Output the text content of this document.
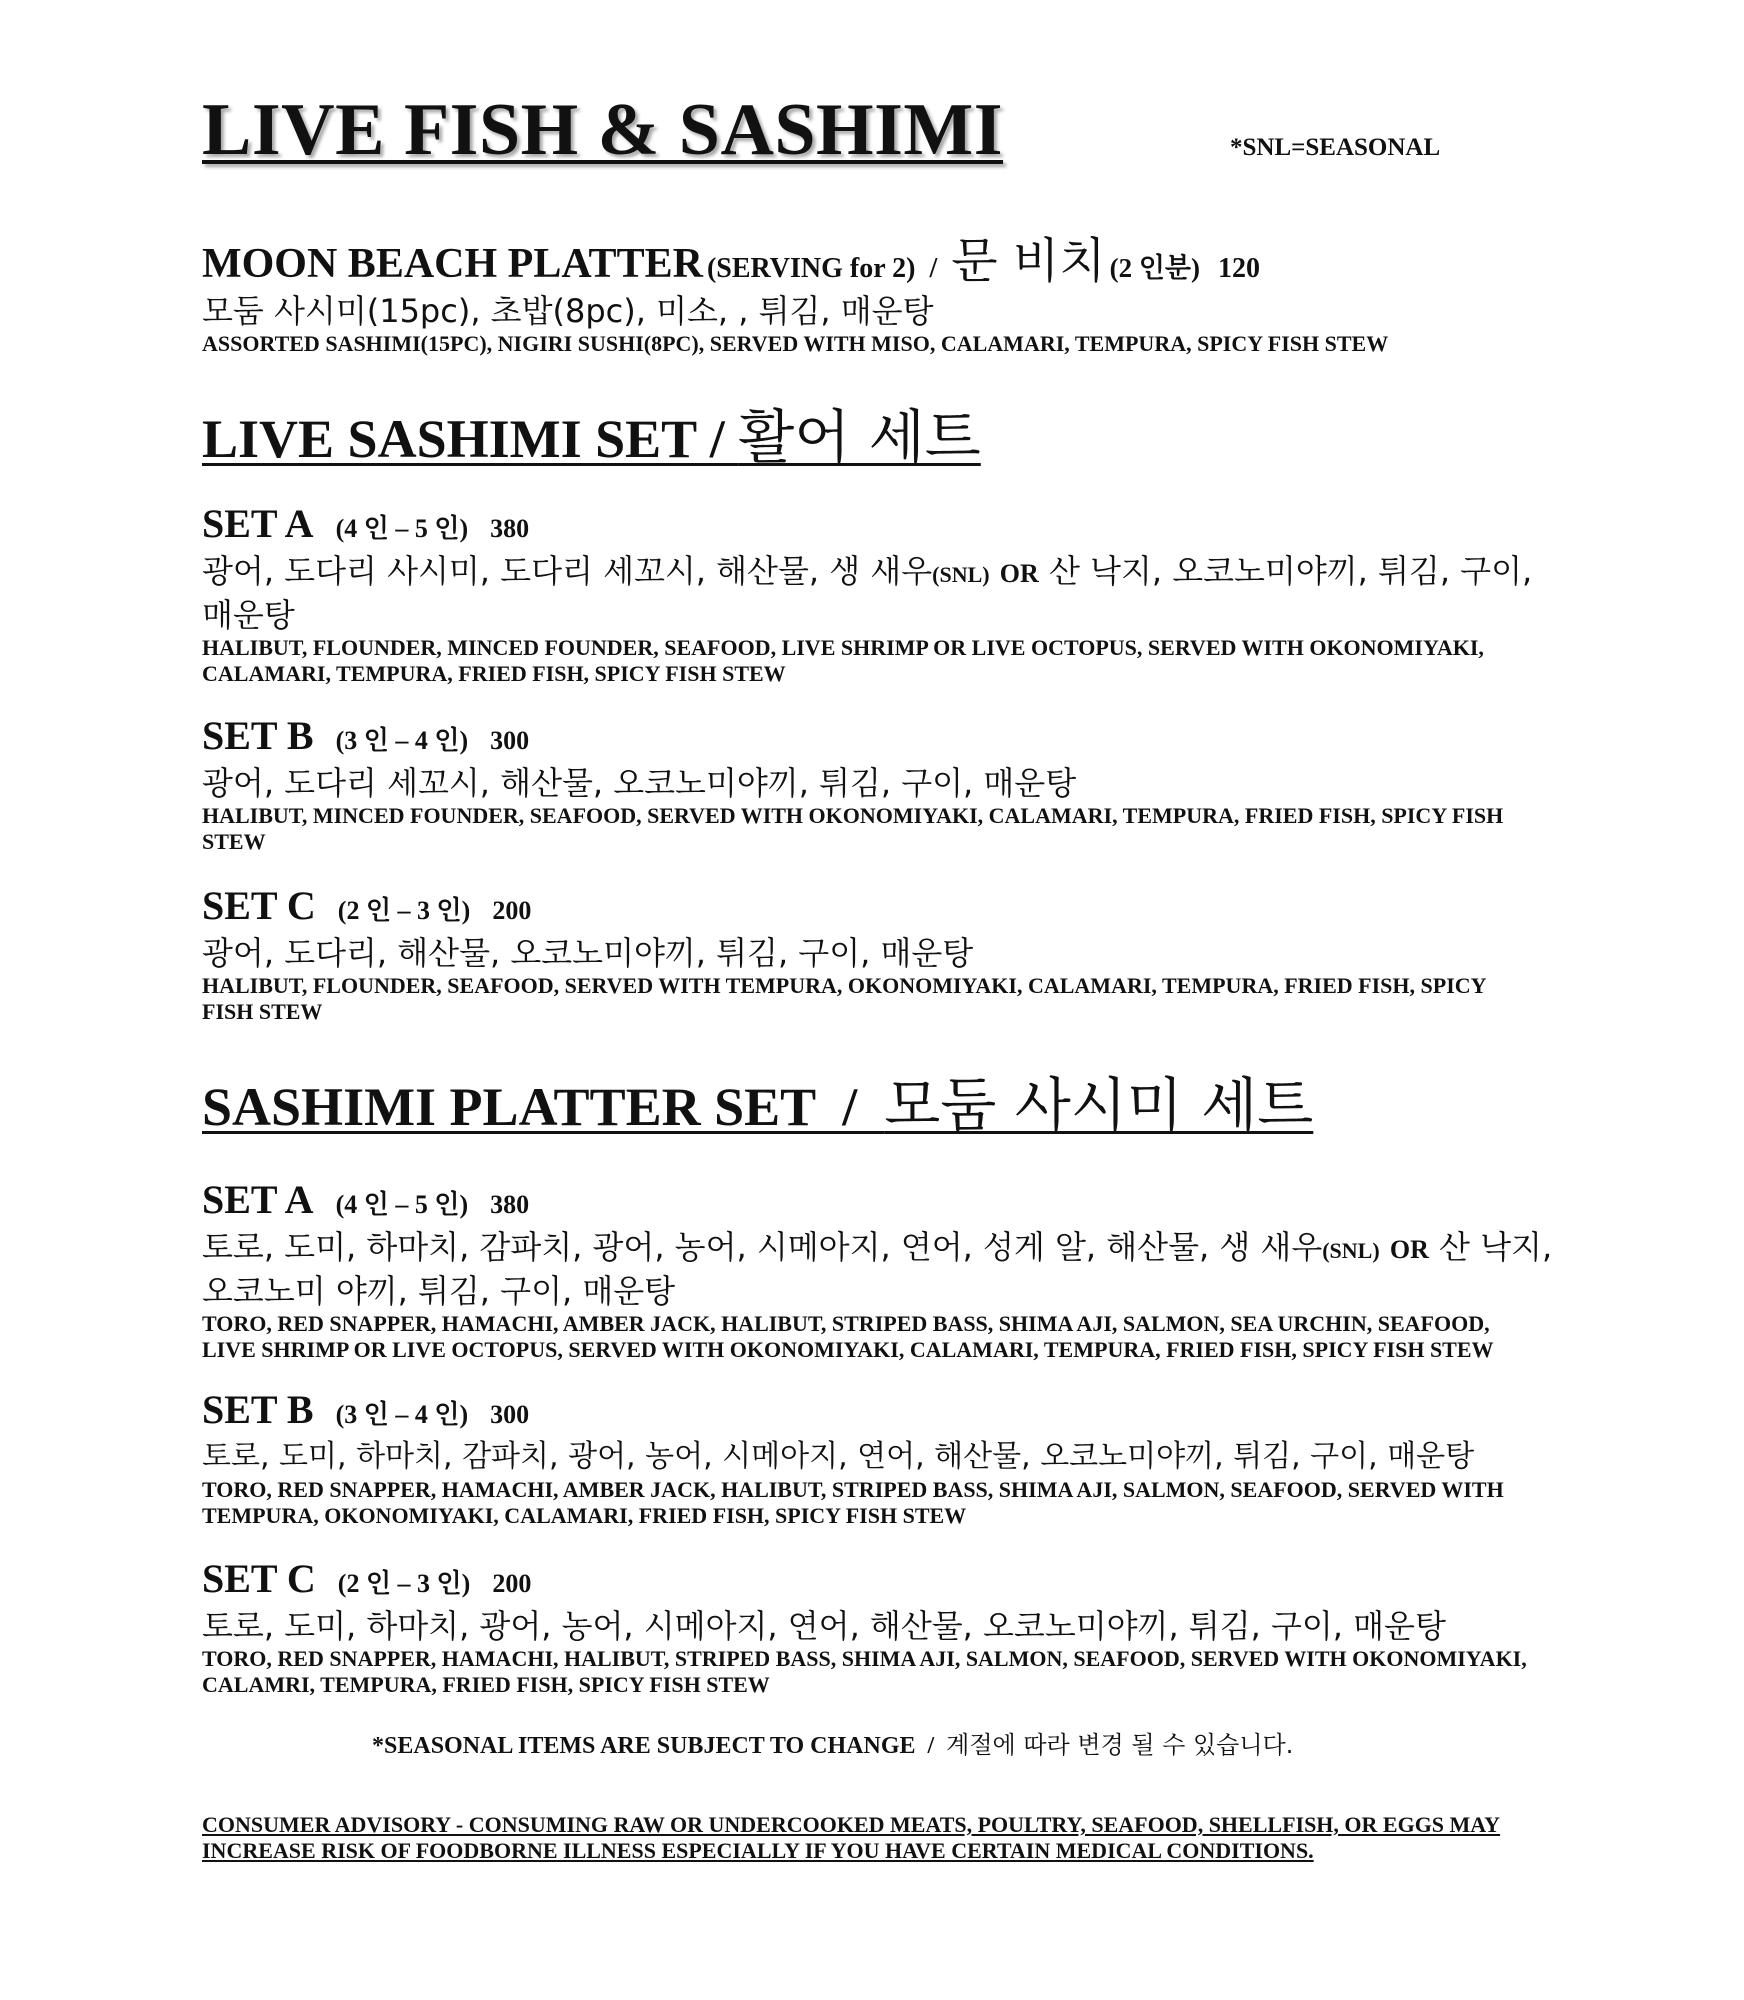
LIVE FISH & SASHIMI	*SNL=SEASONAL
MOON BEACH PLATTER (SERVING for 2) / 문 비치 (2 인분) 120
모둠 사시미(15pc), 초밥(8pc), 미소, , 튀김, 매운탕
ASSORTED SASHIMI(15PC), NIGIRI SUSHI(8PC), SERVED WITH MISO, CALAMARI, TEMPURA, SPICY FISH STEW
LIVE SASHIMI SET / 활어 세트
SET A (4 인 – 5 인) 380
광어, 도다리 사시미, 도다리 세꼬시, 해산물, 생 새우(SNL) OR 산 낙지, 오코노미야끼, 튀김, 구이,
매운탕
HALIBUT, FLOUNDER, MINCED FOUNDER, SEAFOOD, LIVE SHRIMP OR LIVE OCTOPUS, SERVED WITH OKONOMIYAKI, CALAMARI, TEMPURA, FRIED FISH, SPICY FISH STEW
SET B (3 인 – 4 인) 300
광어, 도다리 세꼬시, 해산물, 오코노미야끼, 튀김, 구이, 매운탕
HALIBUT, MINCED FOUNDER, SEAFOOD, SERVED WITH OKONOMIYAKI, CALAMARI, TEMPURA, FRIED FISH, SPICY FISH STEW
SET C (2 인 – 3 인) 200
광어, 도다리, 해산물, 오코노미야끼, 튀김, 구이, 매운탕
HALIBUT, FLOUNDER, SEAFOOD, SERVED WITH TEMPURA, OKONOMIYAKI, CALAMARI, TEMPURA, FRIED FISH, SPICY FISH STEW
SASHIMI PLATTER SET  /  모둠 사시미 세트
SET A (4 인 – 5 인) 380
토로, 도미, 하마치, 감파치, 광어, 농어, 시메아지, 연어, 성게 알, 해산물, 생 새우(SNL) OR 산 낙지,
오코노미 야끼, 튀김, 구이, 매운탕
TORO, RED SNAPPER, HAMACHI, AMBER JACK, HALIBUT, STRIPED BASS, SHIMA AJI, SALMON, SEA URCHIN, SEAFOOD, LIVE SHRIMP OR LIVE OCTOPUS, SERVED WITH OKONOMIYAKI, CALAMARI, TEMPURA, FRIED FISH, SPICY FISH STEW
SET B (3 인 – 4 인) 300
토로, 도미, 하마치, 감파치, 광어, 농어, 시메아지, 연어, 해산물, 오코노미야끼, 튀김, 구이, 매운탕
TORO, RED SNAPPER, HAMACHI, AMBER JACK, HALIBUT, STRIPED BASS, SHIMA AJI, SALMON, SEAFOOD, SERVED WITH TEMPURA, OKONOMIYAKI, CALAMARI, FRIED FISH, SPICY FISH STEW
SET C (2 인 – 3 인) 200
토로, 도미, 하마치, 광어, 농어, 시메아지, 연어, 해산물, 오코노미야끼, 튀김, 구이, 매운탕
TORO, RED SNAPPER, HAMACHI, HALIBUT, STRIPED BASS, SHIMA AJI, SALMON, SEAFOOD, SERVED WITH OKONOMIYAKI, CALAMRI, TEMPURA, FRIED FISH, SPICY FISH STEW
*SEASONAL ITEMS ARE SUBJECT TO CHANGE  /  계절에 따라 변경 될 수 있습니다.
CONSUMER ADVISORY - CONSUMING RAW OR UNDERCOOKED MEATS, POULTRY, SEAFOOD, SHELLFISH, OR EGGS MAY INCREASE RISK OF FOODBORNE ILLNESS ESPECIALLY IF YOU HAVE CERTAIN MEDICAL CONDITIONS.
